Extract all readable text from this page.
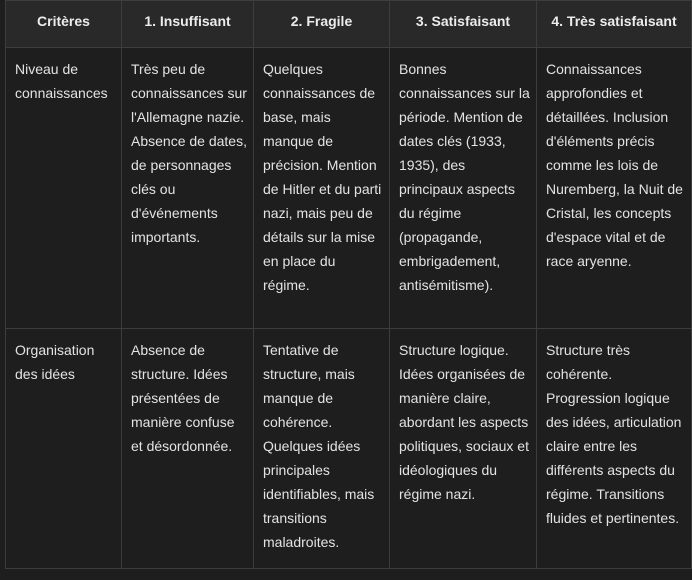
Critères	1. Insuffisant	2. Fragile	3. Satisfaisant	4. Très satisfaisant

Niveau de connaissances	Très peu de connaissances sur l'Allemagne nazie. Absence de dates, de personnages clés ou d'événements importants.	Quelques connaissances de base, mais manque de précision. Mention de Hitler et du parti nazi, mais peu de détails sur la mise en place du régime.	Bonnes connaissances sur la période. Mention de dates clés (1933, 1935), des principaux aspects du régime (propagande, embrigadement, antisémitisme).	Connaissances approfondies et détaillées. Inclusion d'éléments précis comme les lois de Nuremberg, la Nuit de Cristal, les concepts d'espace vital et de race aryenne.

Organisation des idées	Absence de structure. Idées présentées de manière confuse et désordonnée.	Tentative de structure, mais manque de cohérence. Quelques idées principales identifiables, mais transitions maladroites.	Structure logique. Idées organisées de manière claire, abordant les aspects politiques, sociaux et idéologiques du régime nazi.	Structure très cohérente. Progression logique des idées, articulation claire entre les différents aspects du régime. Transitions fluides et pertinentes.
